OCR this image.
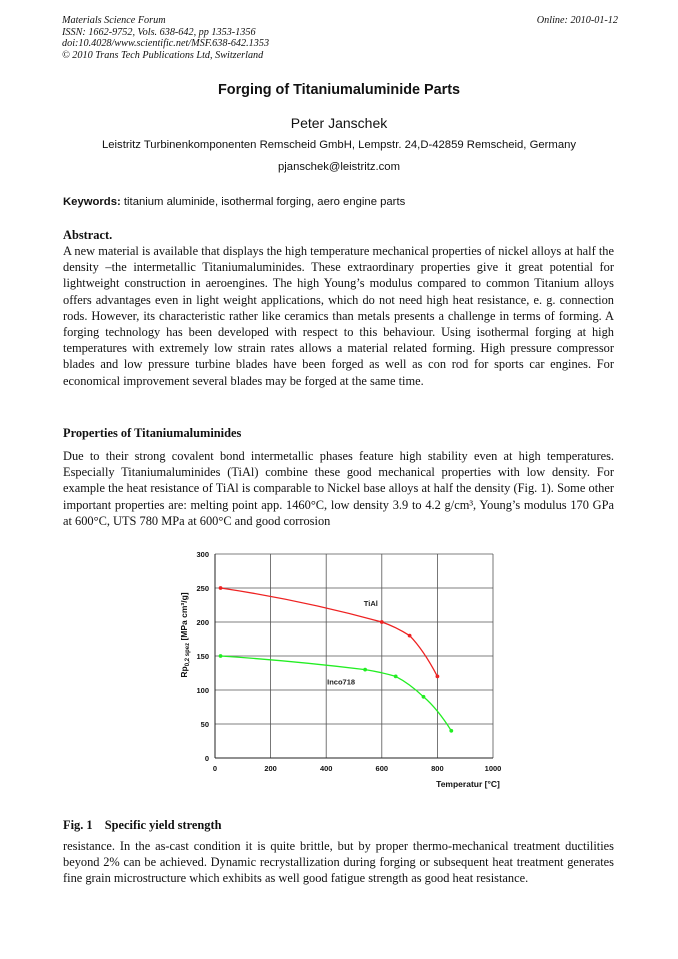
Materials Science Forum
ISSN: 1662-9752, Vols. 638-642, pp 1353-1356
doi:10.4028/www.scientific.net/MSF.638-642.1353
© 2010 Trans Tech Publications Ltd, Switzerland
Online: 2010-01-12
Forging of Titaniumaluminide Parts
Peter Janschek
Leistritz Turbinenkomponenten Remscheid GmbH, Lempstr. 24,D-42859 Remscheid, Germany
pjanschek@leistritz.com
Keywords: titanium aluminide, isothermal forging, aero engine parts
Abstract.
A new material is available that displays the high temperature mechanical properties of nickel alloys at half the density –the intermetallic Titaniumaluminides. These extraordinary properties give it great potential for lightweight construction in aeroengines. The high Young’s modulus compared to common Titanium alloys offers advantages even in light weight applications, which do not need high heat resistance, e. g. connection rods. However, its characteristic rather like ceramics than metals presents a challenge in terms of forming. A forging technology has been developed with respect to this behaviour. Using isothermal forging at high temperatures with extremely low strain rates allows a material related forming. High pressure compressor blades and low pressure turbine blades have been forged as well as con rod for sports car engines. For economical improvement several blades may be forged at the same time.
Properties of Titaniumaluminides
Due to their strong covalent bond intermetallic phases feature high stability even at high temperatures. Especially Titaniumaluminides (TiAl) combine these good mechanical properties with low density. For example the heat resistance of TiAl is comparable to Nickel base alloys at half the density (Fig. 1). Some other important properties are: melting point app. 1460°C, low density 3.9 to 4.2 g/cm³, Young’s modulus 170 GPa at 600°C, UTS 780 MPa at 600°C and good corrosion
TiAl
Inco718
0
50
100
150
200
250
300
0	200	400	600	800	1000
Temperatur [°C]
$Rp_{0,2 spez}$ [MPa cm³/g]
Fig. 1 Specific yield strength
resistance. In the as-cast condition it is quite brittle, but by proper thermo-mechanical treatment ductilities beyond 2% can be achieved. Dynamic recrystallization during forging or subsequent heat treatment generates fine grain microstructure which exhibits as well good fatigue strength as good heat resistance.
